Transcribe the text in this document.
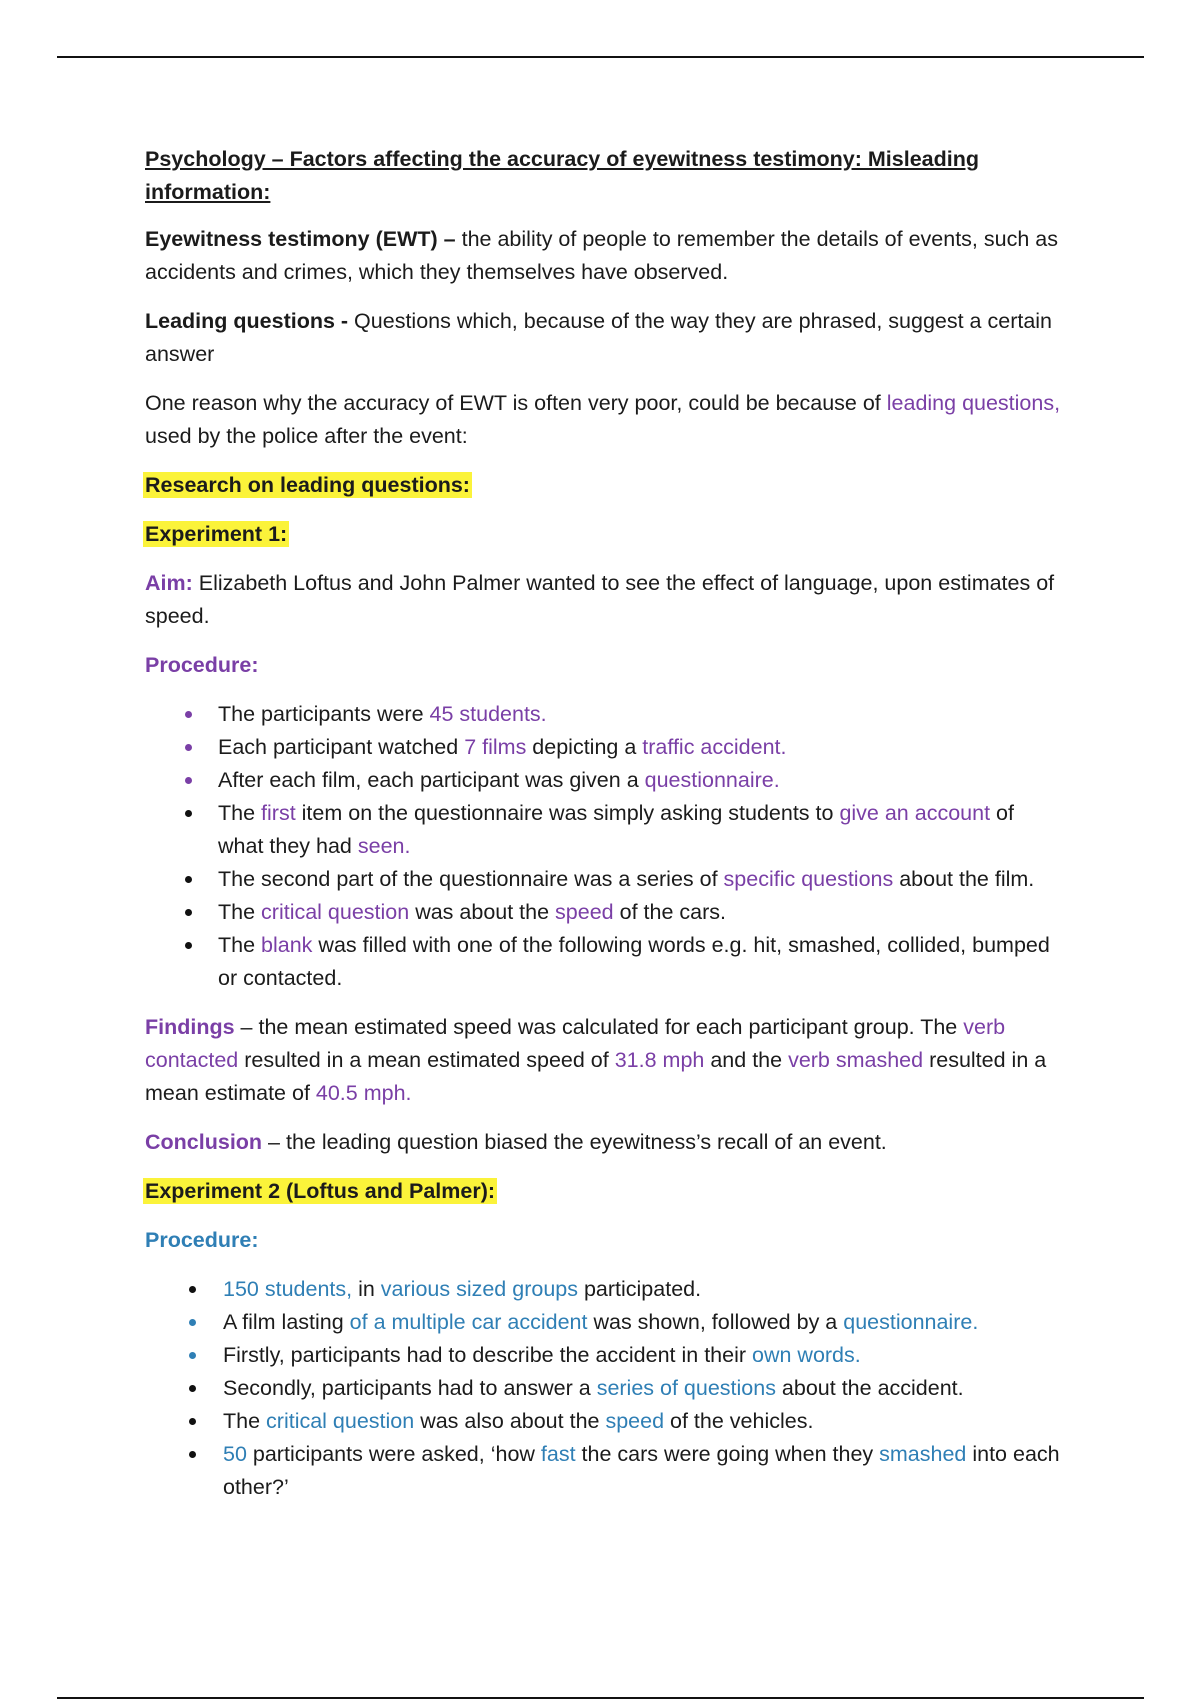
Psychology – Factors affecting the accuracy of eyewitness testimony: Misleading
information:

Eyewitness testimony (EWT) – the ability of people to remember the details of events, such as accidents and crimes, which they themselves have observed.

Leading questions - Questions which, because of the way they are phrased, suggest a certain answer

One reason why the accuracy of EWT is often very poor, could be because of leading questions, used by the police after the event:

Research on leading questions:

Experiment 1:

Aim: Elizabeth Loftus and John Palmer wanted to see the effect of language, upon estimates of speed.

Procedure:

The participants were 45 students.
Each participant watched 7 films depicting a traffic accident.
After each film, each participant was given a questionnaire.
The first item on the questionnaire was simply asking students to give an account of what they had seen.
The second part of the questionnaire was a series of specific questions about the film.
The critical question was about the speed of the cars.
The blank was filled with one of the following words e.g. hit, smashed, collided, bumped or contacted.

Findings – the mean estimated speed was calculated for each participant group. The verb contacted resulted in a mean estimated speed of 31.8 mph and the verb smashed resulted in a mean estimate of 40.5 mph.

Conclusion – the leading question biased the eyewitness’s recall of an event.

Experiment 2 (Loftus and Palmer):

Procedure:

150 students, in various sized groups participated.
A film lasting of a multiple car accident was shown, followed by a questionnaire.
Firstly, participants had to describe the accident in their own words.
Secondly, participants had to answer a series of questions about the accident.
The critical question was also about the speed of the vehicles.
50 participants were asked, ‘how fast the cars were going when they smashed into each other?’
